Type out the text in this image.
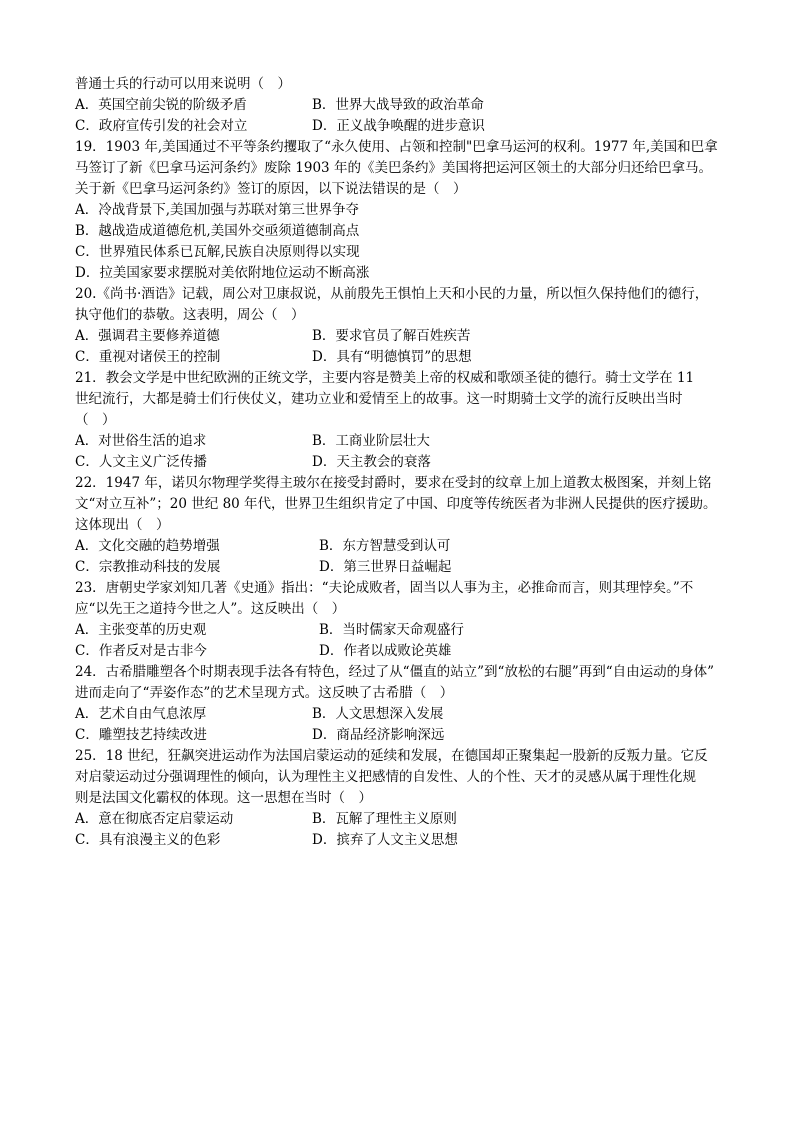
普通士兵的行动可以用来说明（　）
A．英国空前尖锐的阶级矛盾	B．世界大战导致的政治革命
C．政府宣传引发的社会对立	D．正义战争唤醒的进步意识
19．1903 年,美国通过不平等条约攫取了“永久使用、占领和控制"巴拿马运河的权利。1977 年,美国和巴拿
马签订了新《巴拿马运河条约》废除 1903 年的《美巴条约》美国将把运河区领土的大部分归还给巴拿马。
关于新《巴拿马运河条约》签订的原因，以下说法错误的是（　）
A．冷战背景下,美国加强与苏联对第三世界争夺
B．越战造成道德危机,美国外交亟须道德制高点
C．世界殖民体系已瓦解,民族自决原则得以实现
D．拉美国家要求摆脱对美依附地位运动不断高涨
20.《尚书·酒诰》记载，周公对卫康叔说，从前殷先王惧怕上天和小民的力量，所以恒久保持他们的德行，
执守他们的恭敬。这表明，周公（　）
A．强调君主要修养道德	B．要求官员了解百姓疾苦
C．重视对诸侯王的控制	D．具有“明德慎罚”的思想
21．教会文学是中世纪欧洲的正统文学，主要内容是赞美上帝的权威和歌颂圣徒的德行。骑士文学在 11
世纪流行，大都是骑士们行侠仗义，建功立业和爱情至上的故事。这一时期骑士文学的流行反映出当时
（　）
A．对世俗生活的追求	B．工商业阶层壮大
C．人文主义广泛传播	D．天主教会的衰落
22．1947 年，诺贝尔物理学奖得主玻尔在接受封爵时，要求在受封的纹章上加上道教太极图案，并刻上铭
文“对立互补”；20 世纪 80 年代，世界卫生组织肯定了中国、印度等传统医者为非洲人民提供的医疗援助。
这体现出（　）
A．文化交融的趋势增强	B．东方智慧受到认可
C．宗教推动科技的发展	D．第三世界日益崛起
23．唐朝史学家刘知几著《史通》指出：“夫论成败者，固当以人事为主，必推命而言，则其理悖矣。”不
应“以先王之道持今世之人”。这反映出（　）
A．主张变革的历史观	B．当时儒家天命观盛行
C．作者反对是古非今	D．作者以成败论英雄
24．古希腊雕塑各个时期表现手法各有特色，经过了从“僵直的站立”到“放松的右腿”再到“自由运动的身体”
进而走向了“弄姿作态”的艺术呈现方式。这反映了古希腊（　）
A．艺术自由气息浓厚	B．人文思想深入发展
C．雕塑技艺持续改进	D．商品经济影响深远
25．18 世纪，狂飙突进运动作为法国启蒙运动的延续和发展，在德国却正聚集起一股新的反叛力量。它反
对启蒙运动过分强调理性的倾向，认为理性主义把感情的自发性、人的个性、天才的灵感从属于理性化规
则是法国文化霸权的体现。这一思想在当时（　）
A．意在彻底否定启蒙运动	B．瓦解了理性主义原则
C．具有浪漫主义的色彩	D．摈弃了人文主义思想
